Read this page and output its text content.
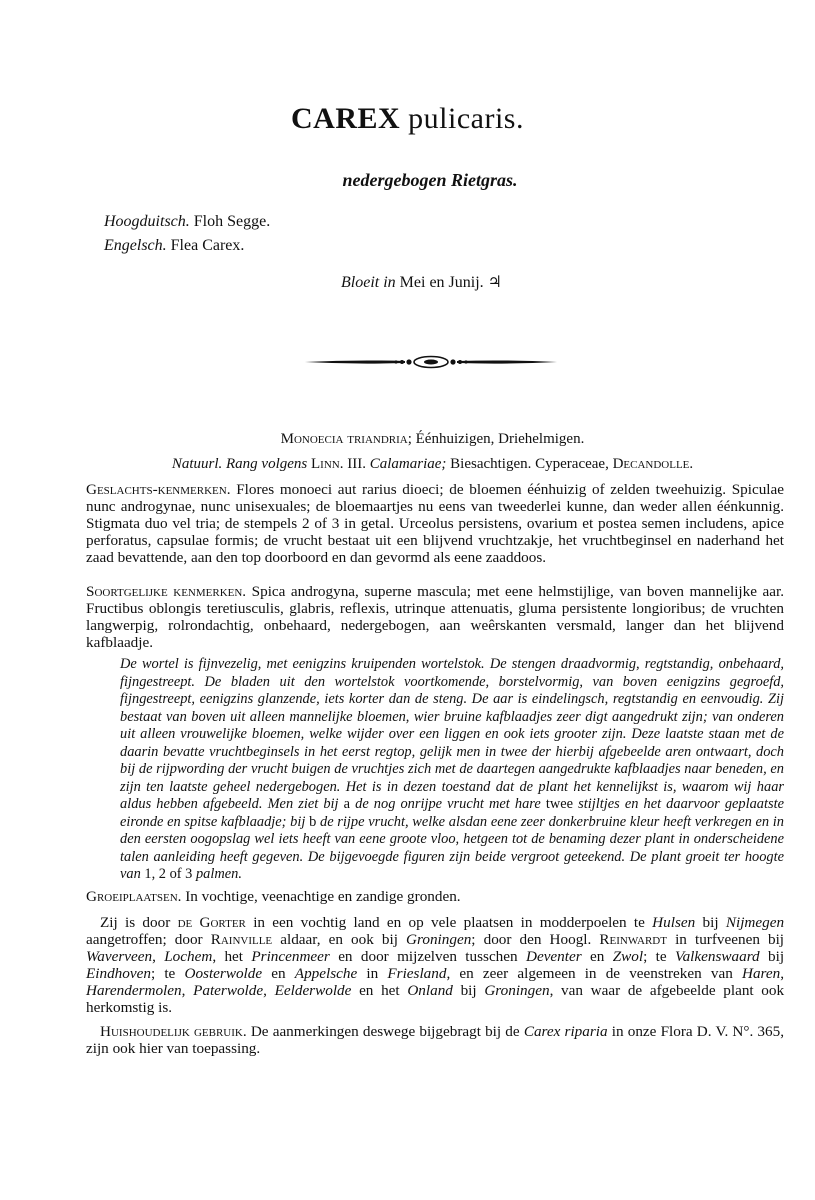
CAREX pulicaris.
nedergebogen Rietgras.
Hoogduitsch. Floh Segge.
Engelsch. Flea Carex.
Bloeit in Mei en Junij. ♃
Monoecia triandria; Éénhuizigen, Driehelmigen.
Natuurl. Rang volgens Linn. III. Calamariae; Biesachtigen. Cyperaceae, Decandolle.

Geslachts-kenmerken. Flores monoeci aut rarius dioeci; de bloemen éénhuizig of zelden tweehuizig. Spiculae nunc androgynae, nunc unisexuales; de bloemaartjes nu eens van tweederlei kunne, dan weder allen éénkunnig. Stigmata duo vel tria; de stempels 2 of 3 in getal. Urceolus persistens, ovarium et postea semen includens, apice perforatus, capsulae formis; de vrucht bestaat uit een blijvend vruchtzakje, het vruchtbeginsel en naderhand het zaad bevattende, aan den top doorboord en dan gevormd als eene zaaddoos.

Soortgelijke kenmerken. Spica androgyna, superne mascula; met eene helmstijlige, van boven mannelijke aar. Fructibus oblongis teretiusculis, glabris, reflexis, utrinque attenuatis, gluma persistente longioribus; de vruchten langwerpig, rolrondachtig, onbehaard, nedergebogen, aan weêrskanten versmald, langer dan het blijvend kafblaadje.

De wortel is fijnvezelig, met eenigzins kruipenden wortelstok. De stengen draadvormig, regtstandig, onbehaard, fijngestreept. De bladen uit den wortelstok voortkomende, borstelvormig, van boven eenigzins gegroefd, fijngestreept, eenigzins glanzende, iets korter dan de steng. De aar is eindelingsch, regtstandig en eenvoudig. Zij bestaat van boven uit alleen mannelijke bloemen, wier bruine kafblaadjes zeer digt aangedrukt zijn; van onderen uit alleen vrouwelijke bloemen, welke wijder over een liggen en ook iets grooter zijn. Deze laatste staan met de daarin bevatte vruchtbeginsels in het eerst regtop, gelijk men in twee der hierbij afgebeelde aren ontwaart, doch bij de rijpwording der vrucht buigen de vruchtjes zich met de daartegen aangedrukte kafblaadjes naar beneden, en zijn ten laatste geheel nedergebogen. Het is in dezen toestand dat de plant het kennelijkst is, waarom wij haar aldus hebben afgebeeld. Men ziet bij a de nog onrijpe vrucht met hare twee stijltjes en het daarvoor geplaatste eironde en spitse kafblaadje; bij b de rijpe vrucht, welke alsdan eene zeer donkerbruine kleur heeft verkregen en in den eersten oogopslag wel iets heeft van eene groote vloo, hetgeen tot de benaming dezer plant in onderscheidene talen aanleiding heeft gegeven. De bijgevoegde figuren zijn beide vergroot geteekend. De plant groeit ter hoogte van 1, 2 of 3 palmen.

Groeiplaatsen. In vochtige, veenachtige en zandige gronden.

Zij is door de Gorter in een vochtig land en op vele plaatsen in modderpoelen te Hulsen bij Nijmegen aangetroffen; door Rainville aldaar, en ook bij Groningen; door den Hoogl. Reinwardt in turfveenen bij Waverveen, Lochem, het Princenmeer en door mijzelven tusschen Deventer en Zwol; te Valkenswaard bij Eindhoven; te Oosterwolde en Appelsche in Friesland, en zeer algemeen in de veenstreken van Haren, Harendermolen, Paterwolde, Eelderwolde en het Onland bij Groningen, van waar de afgebeelde plant ook herkomstig is.

Huishoudelijk gebruik. De aanmerkingen deswege bijgebragt bij de Carex riparia in onze Flora D. V. N°. 365, zijn ook hier van toepassing.
